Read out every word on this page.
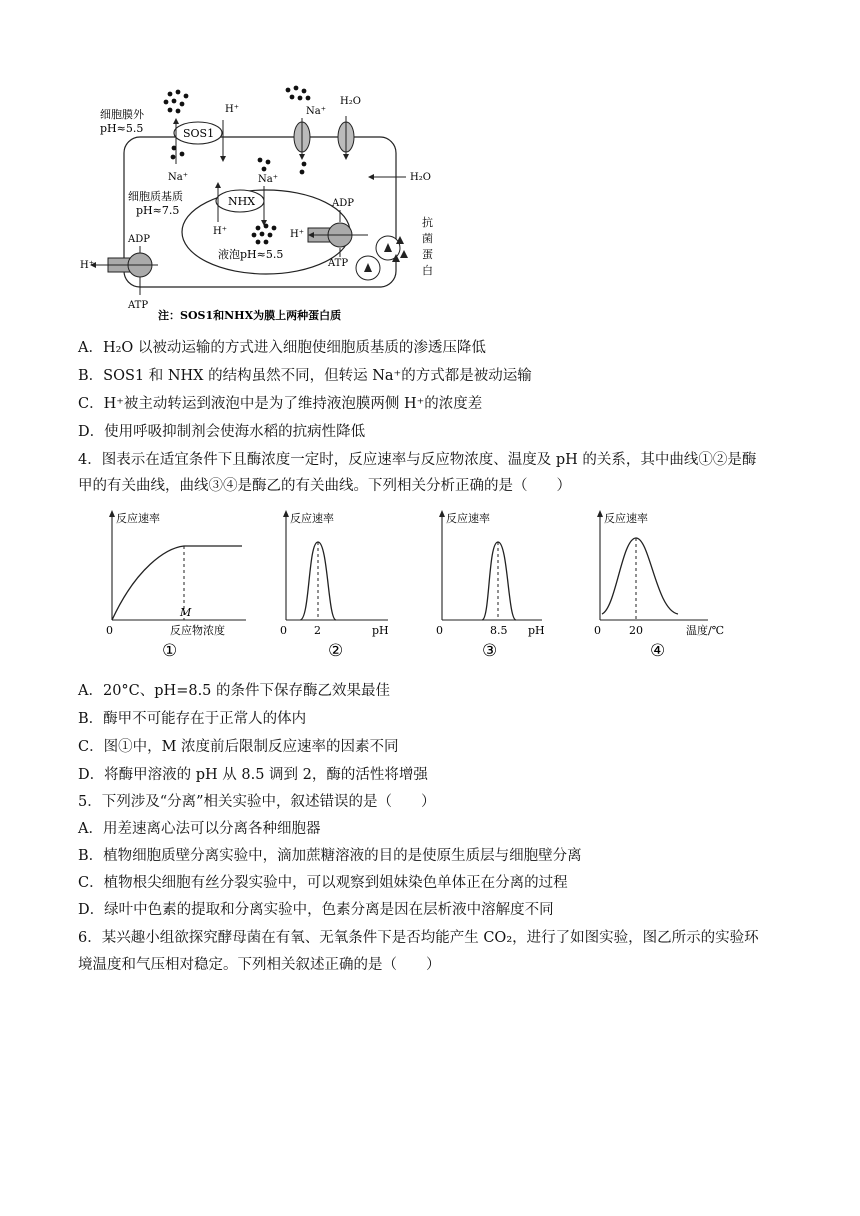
细胞膜外
pH≈5.5
细胞质基质
pH≈7.5
液泡pH≈5.5
SOS1
H⁺
Na⁺
Na⁺
H₂O
H₂O
NHX
H⁺
Na⁺
H⁺
ADP
ATP
H⁺
ADP
ATP
抗
菌
蛋
白
注：SOS1和NHX为膜上两种蛋白质
A．H₂O 以被动运输的方式进入细胞使细胞质基质的渗透压降低
B．SOS1 和 NHX 的结构虽然不同，但转运 Na⁺的方式都是被动运输
C．H⁺被主动转运到液泡中是为了维持液泡膜两侧 H⁺的浓度差
D．使用呼吸抑制剂会使海水稻的抗病性降低
4．图表示在适宜条件下且酶浓度一定时，反应速率与反应物浓度、温度及 pH 的关系，其中曲线①②是酶
甲的有关曲线，曲线③④是酶乙的有关曲线。下列相关分析正确的是（　　）
反应速率	反应速率	反应速率	反应速率
0	0	0	0
M
2	8.5	20
反应物浓度	pH	pH	温度/℃
①	②	③	④
A．20°C、pH=8.5 的条件下保存酶乙效果最佳
B．酶甲不可能存在于正常人的体内
C．图①中，M 浓度前后限制反应速率的因素不同
D．将酶甲溶液的 pH 从 8.5 调到 2，酶的活性将增强
5．下列涉及“分离”相关实验中，叙述错误的是（　　）
A．用差速离心法可以分离各种细胞器
B．植物细胞质壁分离实验中，滴加蔗糖溶液的目的是使原生质层与细胞壁分离
C．植物根尖细胞有丝分裂实验中，可以观察到姐妹染色单体正在分离的过程
D．绿叶中色素的提取和分离实验中，色素分离是因在层析液中溶解度不同
6．某兴趣小组欲探究酵母菌在有氧、无氧条件下是否均能产生 CO₂，进行了如图实验，图乙所示的实验环
境温度和气压相对稳定。下列相关叙述正确的是（　　）
